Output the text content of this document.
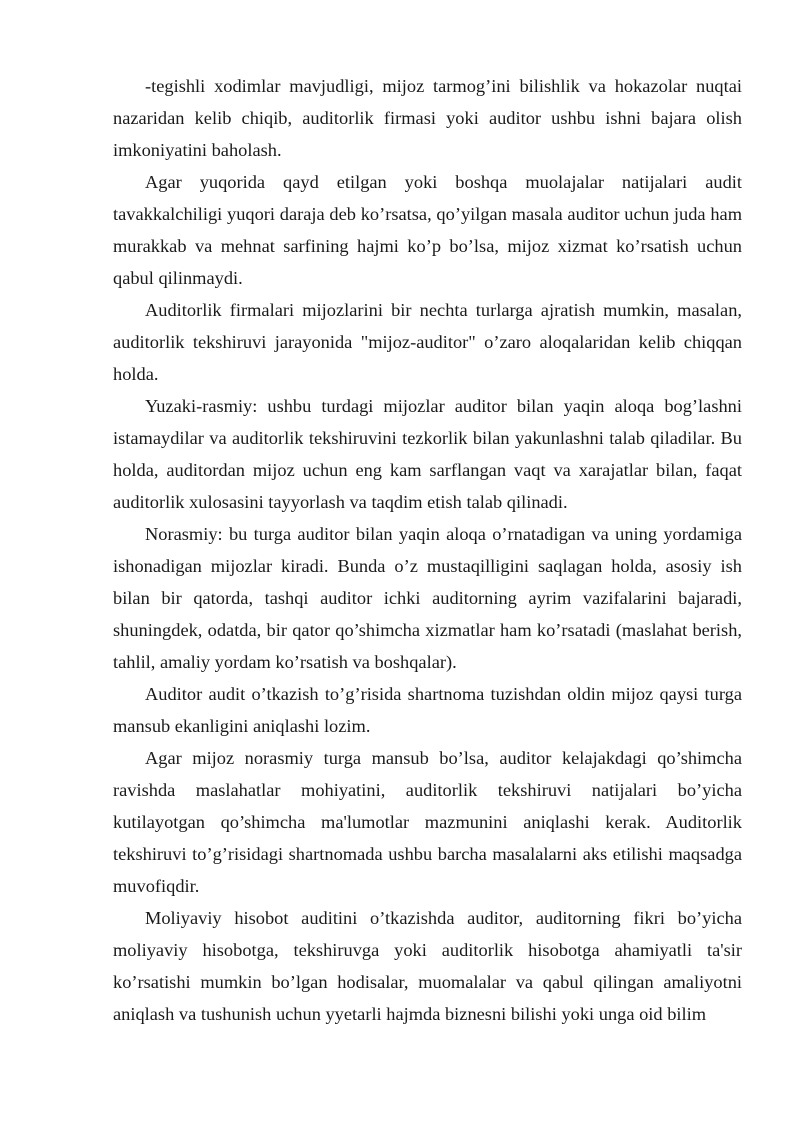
-tegishli xodimlar mavjudligi, mijoz tarmog’ini bilishlik va hokazolar nuqtai nazaridan kelib chiqib, auditorlik firmasi yoki auditor ushbu ishni bajara olish imkoniyatini baholash.

Agar yuqorida qayd etilgan yoki boshqa muolajalar natijalari audit tavakkalchiligi yuqori daraja deb ko’rsatsa, qo’yilgan masala auditor uchun juda ham murakkab va mehnat sarfining hajmi ko’p bo’lsa, mijoz xizmat ko’rsatish uchun qabul qilinmaydi.

Auditorlik firmalari mijozlarini bir nechta turlarga ajratish mumkin, masalan, auditorlik tekshiruvi jarayonida "mijoz-auditor" o’zaro aloqalaridan kelib chiqqan holda.

Yuzaki-rasmiy: ushbu turdagi mijozlar auditor bilan yaqin aloqa bog’lashni istamaydilar va auditorlik tekshiruvini tezkorlik bilan yakunlashni talab qiladilar. Bu holda, auditordan mijoz uchun eng kam sarflangan vaqt va xarajatlar bilan, faqat auditorlik xulosasini tayyorlash va taqdim etish talab qilinadi.

Norasmiy: bu turga auditor bilan yaqin aloqa o’rnatadigan va uning yordamiga ishonadigan mijozlar kiradi. Bunda o’z mustaqilligini saqlagan holda, asosiy ish bilan bir qatorda, tashqi auditor ichki auditorning ayrim vazifalarini bajaradi, shuningdek, odatda, bir qator qo’shimcha xizmatlar ham ko’rsatadi (maslahat berish, tahlil, amaliy yordam ko’rsatish va boshqalar).

Auditor audit o’tkazish to’g’risida shartnoma tuzishdan oldin mijoz qaysi turga mansub ekanligini aniqlashi lozim.

Agar mijoz norasmiy turga mansub bo’lsa, auditor kelajakdagi qo’shimcha ravishda maslahatlar mohiyatini, auditorlik tekshiruvi natijalari bo’yicha kutilayotgan qo’shimcha ma'lumotlar mazmunini aniqlashi kerak. Auditorlik tekshiruvi to’g’risidagi shartnomada ushbu barcha masalalarni aks etilishi maqsadga muvofiqdir.

Moliyaviy hisobot auditini o’tkazishda auditor, auditorning fikri bo’yicha moliyaviy hisobotga, tekshiruvga yoki auditorlik hisobotga ahamiyatli ta'sir ko’rsatishi mumkin bo’lgan hodisalar, muomalalar va qabul qilingan amaliyotni aniqlash va tushunish uchun yyetarli hajmda biznesni bilishi yoki unga oid bilim
